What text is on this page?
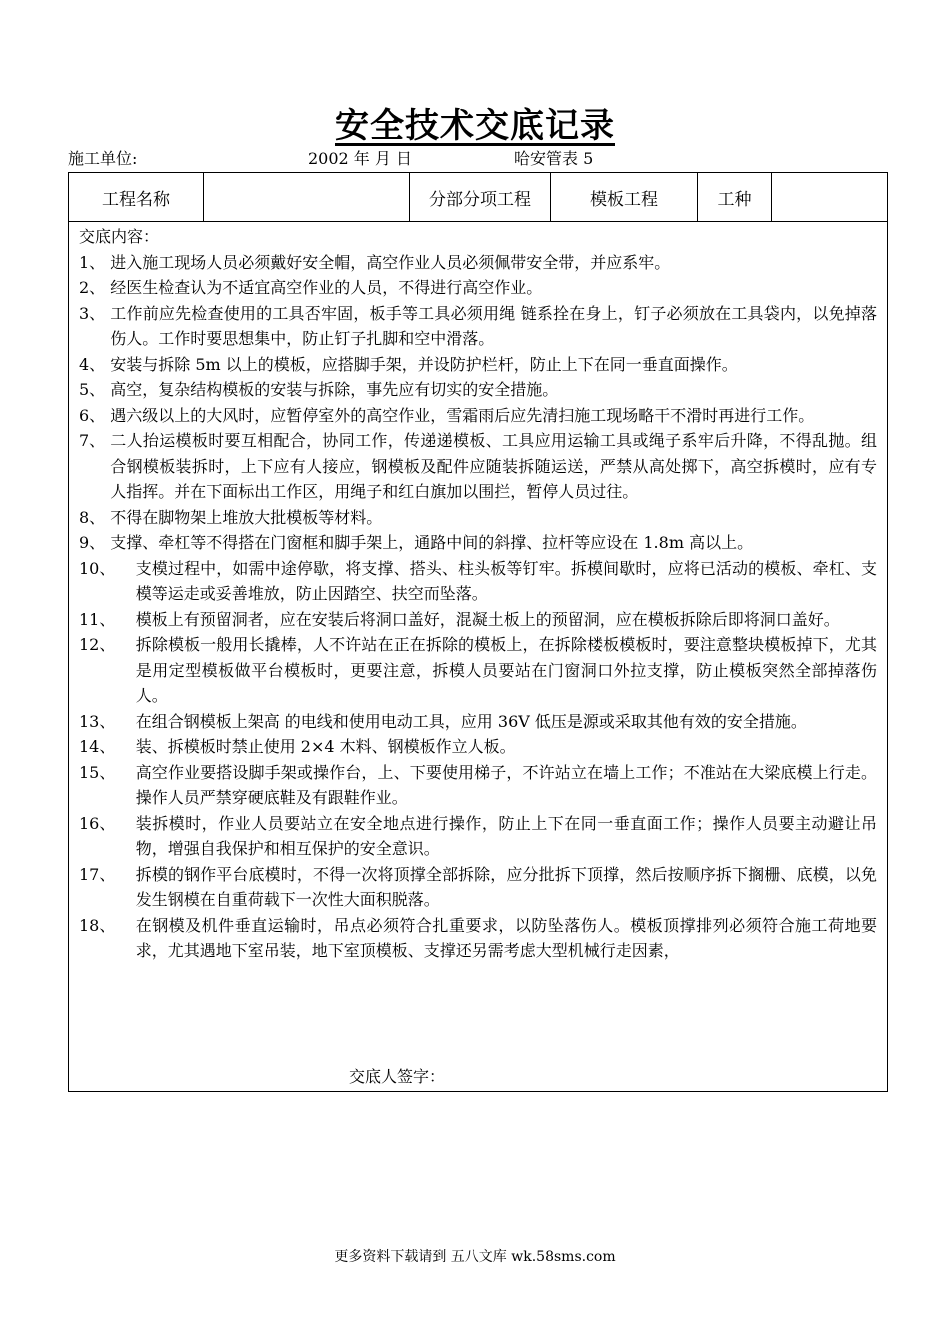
安全技术交底记录
施工单位:	2002 年 月 日	哈安管表 5
工程名称		分部分项工程	模板工程	工种	
交底内容：
1、 进入施工现场人员必须戴好安全帽，高空作业人员必须佩带安全带，并应系牢。
2、 经医生检查认为不适宜高空作业的人员，不得进行高空作业。
3、 工作前应先检查使用的工具否牢固，板手等工具必须用绳 链系拴在身上，钉子必须放在工具袋内，以免掉落伤人。工作时要思想集中，防止钉子扎脚和空中滑落。
4、 安装与拆除 5m 以上的模板，应搭脚手架，并设防护栏杆，防止上下在同一垂直面操作。
5、 高空，复杂结构模板的安装与拆除，事先应有切实的安全措施。
6、 遇六级以上的大风时，应暂停室外的高空作业，雪霜雨后应先清扫施工现场略干不滑时再进行工作。
7、 二人抬运模板时要互相配合，协同工作，传递递模板、工具应用运输工具或绳子系牢后升降，不得乱抛。组合钢模板装拆时，上下应有人接应，钢模板及配件应随装拆随运送，严禁从高处掷下，高空拆模时，应有专人指挥。并在下面标出工作区，用绳子和红白旗加以围拦，暂停人员过往。
8、 不得在脚物架上堆放大批模板等材料。
9、 支撑、牵杠等不得搭在门窗框和脚手架上，通路中间的斜撑、拉杆等应设在 1.8m 高以上。
10、 支模过程中，如需中途停歇，将支撑、搭头、柱头板等钉牢。拆模间歇时，应将已活动的模板、牵杠、支模等运走或妥善堆放，防止因踏空、扶空而坠落。
11、 模板上有预留洞者，应在安装后将洞口盖好，混凝土板上的预留洞，应在模板拆除后即将洞口盖好。
12、 拆除模板一般用长撬棒，人不许站在正在拆除的模板上，在拆除楼板模板时，要注意整块模板掉下，尤其是用定型模板做平台模板时，更要注意，拆模人员要站在门窗洞口外拉支撑，防止模板突然全部掉落伤人。
13、 在组合钢模板上架高 的电线和使用电动工具，应用 36V 低压是源或采取其他有效的安全措施。
14、 装、拆模板时禁止使用 2×4 木料、钢模板作立人板。
15、 高空作业要搭设脚手架或操作台，上、下要使用梯子，不许站立在墙上工作；不准站在大梁底模上行走。操作人员严禁穿硬底鞋及有跟鞋作业。
16、 装拆模时，作业人员要站立在安全地点进行操作，防止上下在同一垂直面工作；操作人员要主动避让吊物，增强自我保护和相互保护的安全意识。
17、 拆模的钢作平台底模时，不得一次将顶撑全部拆除，应分批拆下顶撑，然后按顺序拆下搁栅、底模，以免发生钢模在自重荷载下一次性大面积脱落。
18、 在钢模及机件垂直运输时，吊点必须符合扎重要求，以防坠落伤人。模板顶撑排列必须符合施工荷地要求，尤其遇地下室吊装，地下室顶模板、支撑还另需考虑大型机械行走因素，
交底人签字：
更多资料下载请到 五八文库 wk.58sms.com
